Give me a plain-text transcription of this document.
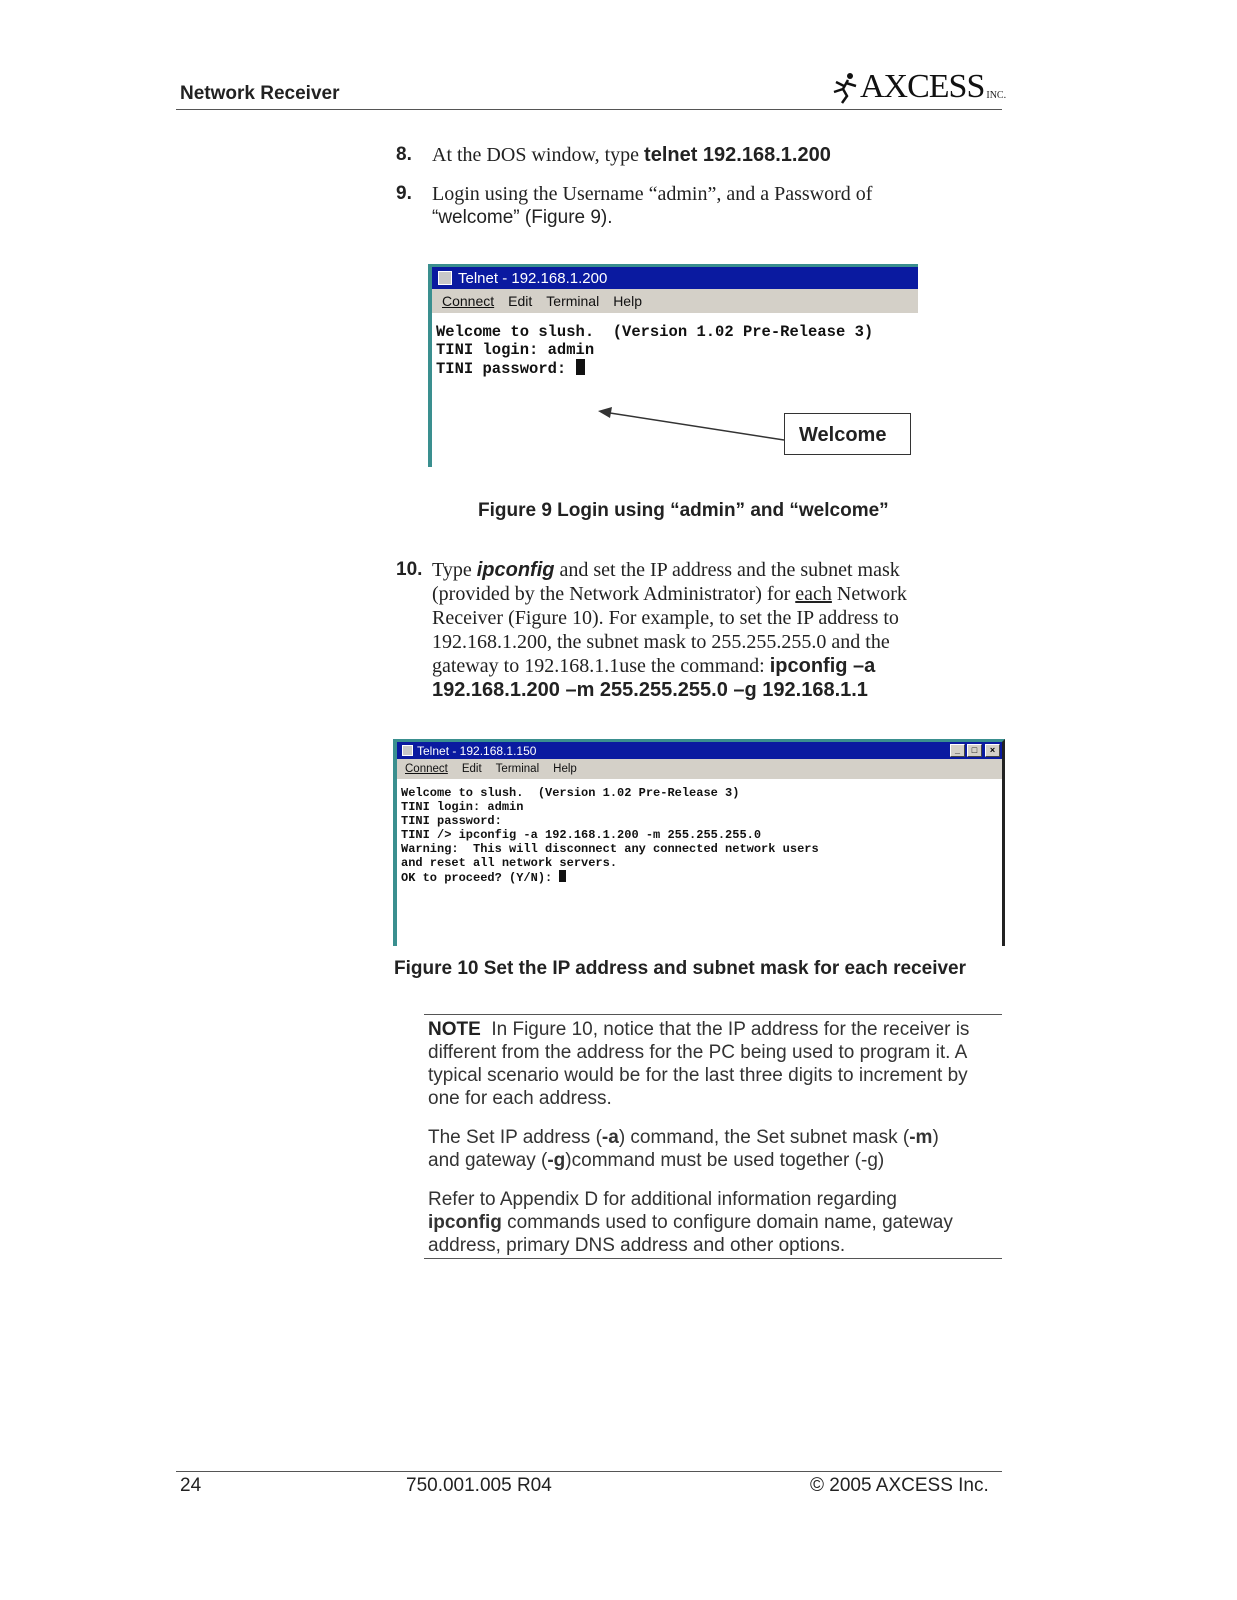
Network Receiver	AXCESS INC.
8. At the DOS window, type telnet 192.168.1.200
9. Login using the Username “admin”, and a Password of
“welcome” (Figure 9).
Telnet - 192.168.1.200
Connect Edit Terminal Help
Welcome to slush.  (Version 1.02 Pre-Release 3)
TINI login: admin
TINI password:
Welcome
Figure 9 Login using “admin” and “welcome”
10. Type ipconfig and set the IP address and the subnet mask
(provided by the Network Administrator) for each Network
Receiver (Figure 10). For example, to set the IP address to
192.168.1.200, the subnet mask to 255.255.255.0 and the
gateway to 192.168.1.1use the command: ipconfig –a
192.168.1.200 –m 255.255.255.0 –g 192.168.1.1
Telnet - 192.168.1.150	_	□	×
Connect Edit Terminal Help
Welcome to slush.  (Version 1.02 Pre-Release 3)
TINI login: admin
TINI password:
TINI /> ipconfig -a 192.168.1.200 -m 255.255.255.0
Warning:  This will disconnect any connected network users
and reset all network servers.
OK to proceed? (Y/N):
Figure 10 Set the IP address and subnet mask for each receiver
NOTE In Figure 10, notice that the IP address for the receiver is different from the address for the PC being used to program it. A typical scenario would be for the last three digits to increment by one for each address.
The Set IP address (-a) command, the Set subnet mask (-m)
and gateway (-g)command must be used together (-g)
Refer to Appendix D for additional information regarding
ipconfig commands used to configure domain name, gateway
address, primary DNS address and other options.
24	750.001.005 R04	© 2005 AXCESS Inc.
